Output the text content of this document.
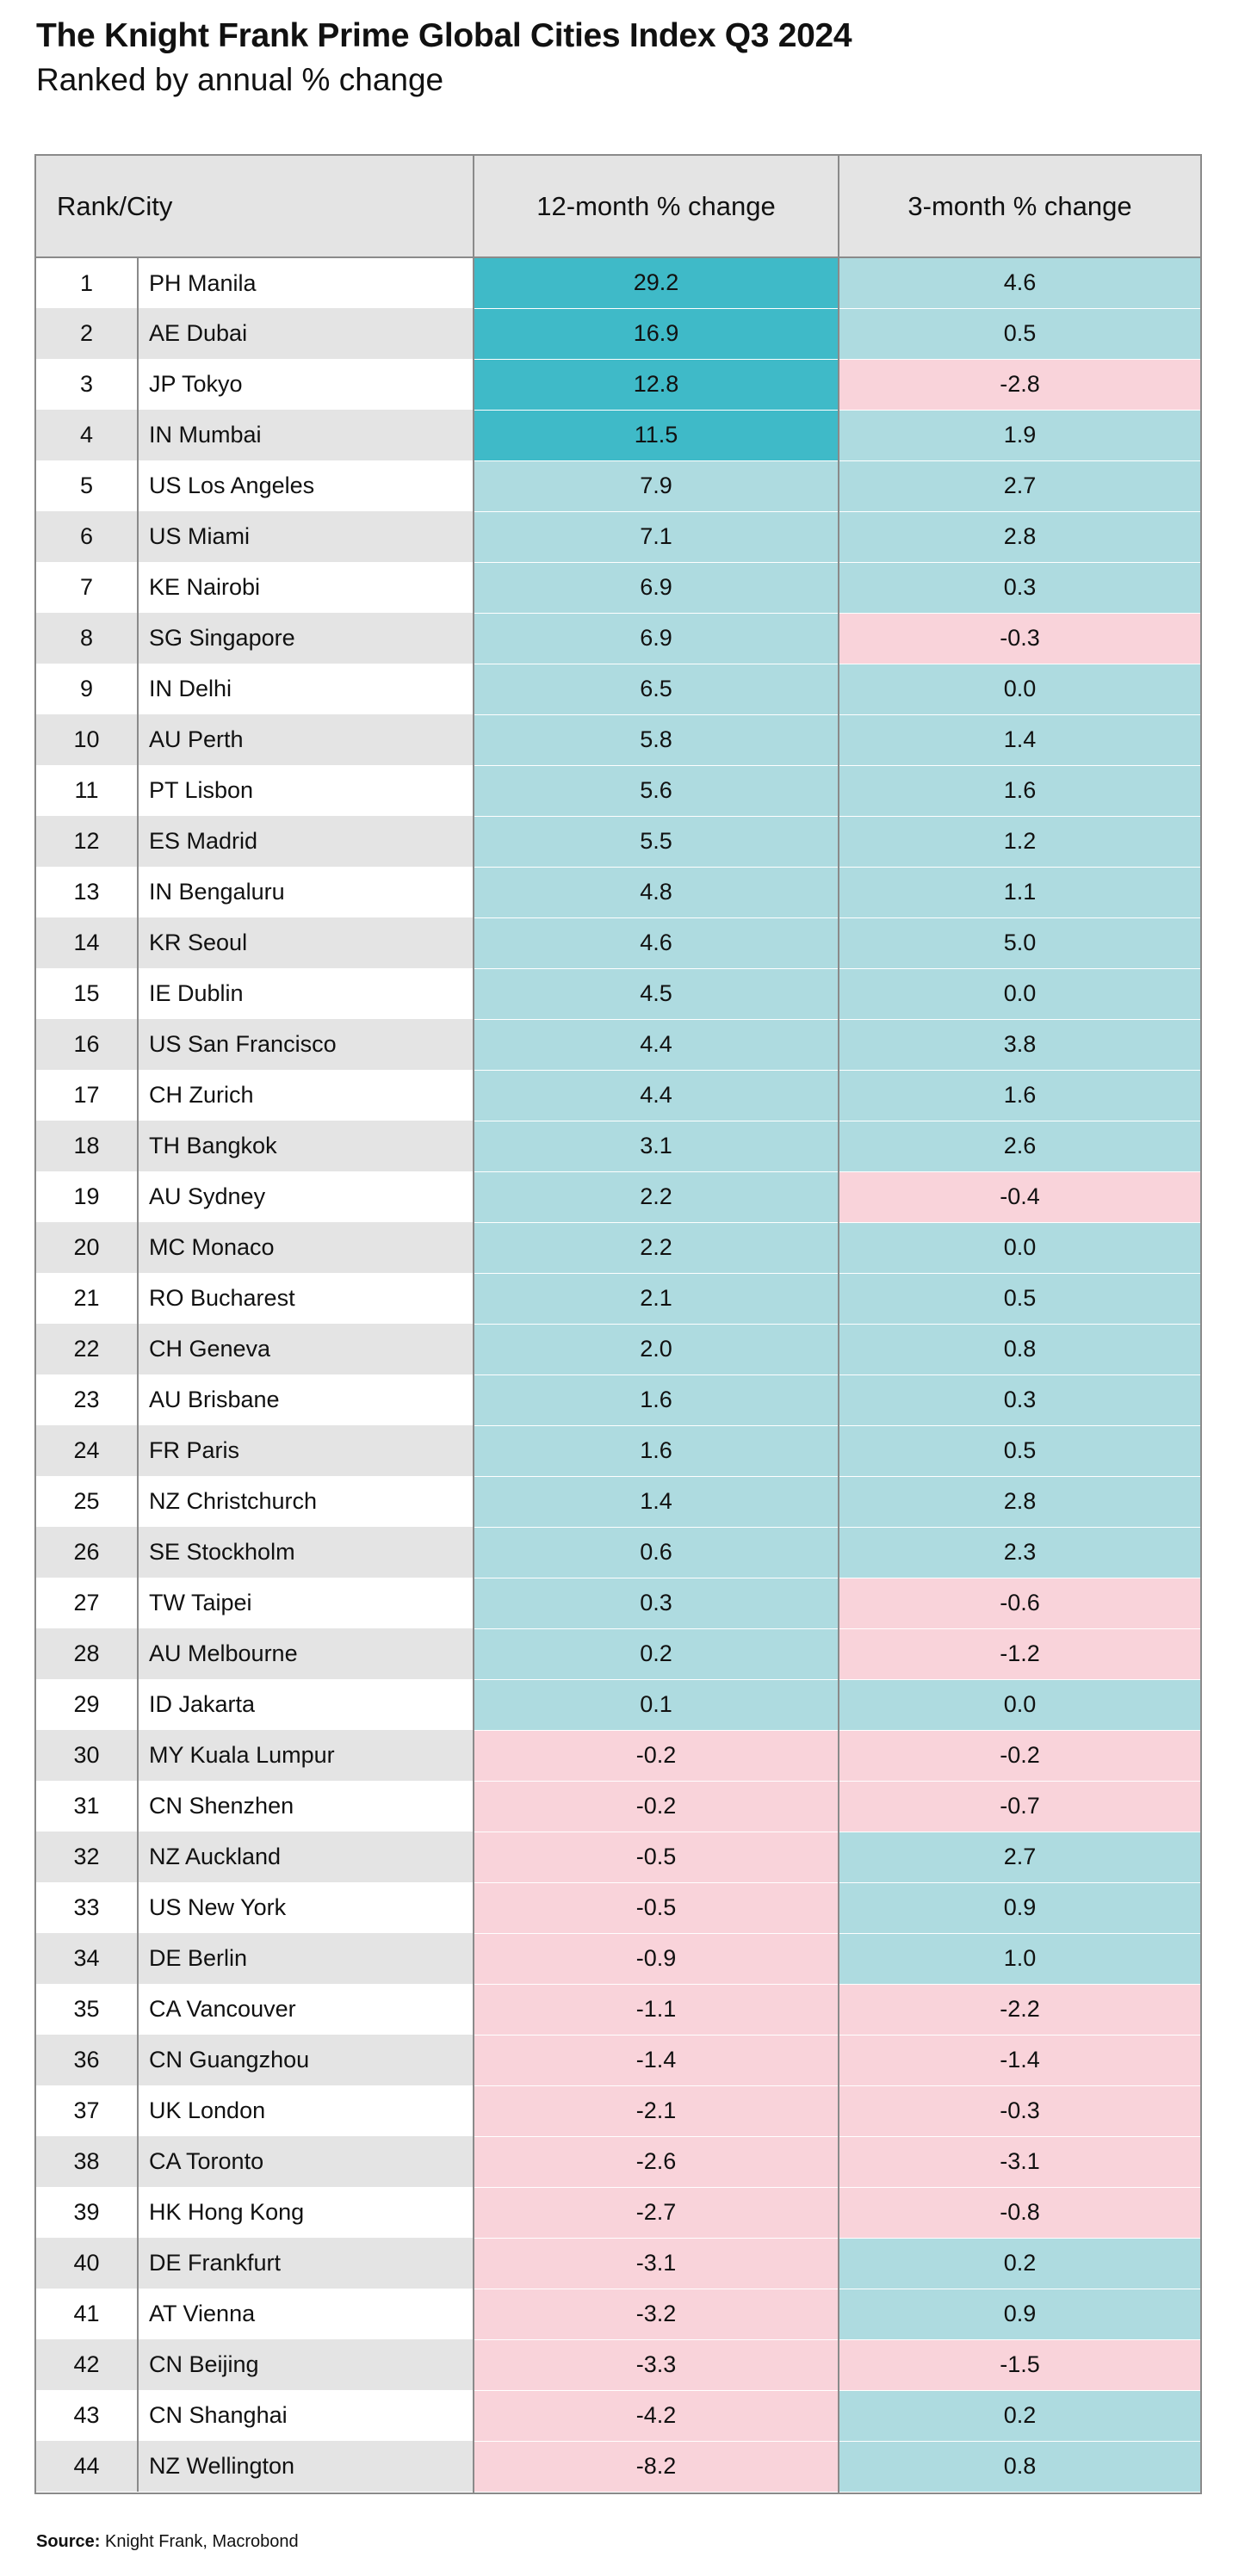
The Knight Frank Prime Global Cities Index Q3 2024
Ranked by annual % change
Rank/City		12-month % change	3-month % change
1	PH Manila	29.2	4.6
2	AE Dubai	16.9	0.5
3	JP Tokyo	12.8	-2.8
4	IN Mumbai	11.5	1.9
5	US Los Angeles	7.9	2.7
6	US Miami	7.1	2.8
7	KE Nairobi	6.9	0.3
8	SG Singapore	6.9	-0.3
9	IN Delhi	6.5	0.0
10	AU Perth	5.8	1.4
11	PT Lisbon	5.6	1.6
12	ES Madrid	5.5	1.2
13	IN Bengaluru	4.8	1.1
14	KR Seoul	4.6	5.0
15	IE Dublin	4.5	0.0
16	US San Francisco	4.4	3.8
17	CH Zurich	4.4	1.6
18	TH Bangkok	3.1	2.6
19	AU Sydney	2.2	-0.4
20	MC Monaco	2.2	0.0
21	RO Bucharest	2.1	0.5
22	CH Geneva	2.0	0.8
23	AU Brisbane	1.6	0.3
24	FR Paris	1.6	0.5
25	NZ Christchurch	1.4	2.8
26	SE Stockholm	0.6	2.3
27	TW Taipei	0.3	-0.6
28	AU Melbourne	0.2	-1.2
29	ID Jakarta	0.1	0.0
30	MY Kuala Lumpur	-0.2	-0.2
31	CN Shenzhen	-0.2	-0.7
32	NZ Auckland	-0.5	2.7
33	US New York	-0.5	0.9
34	DE Berlin	-0.9	1.0
35	CA Vancouver	-1.1	-2.2
36	CN Guangzhou	-1.4	-1.4
37	UK London	-2.1	-0.3
38	CA Toronto	-2.6	-3.1
39	HK Hong Kong	-2.7	-0.8
40	DE Frankfurt	-3.1	0.2
41	AT Vienna	-3.2	0.9
42	CN Beijing	-3.3	-1.5
43	CN Shanghai	-4.2	0.2
44	NZ Wellington	-8.2	0.8
Source: Knight Frank, Macrobond
